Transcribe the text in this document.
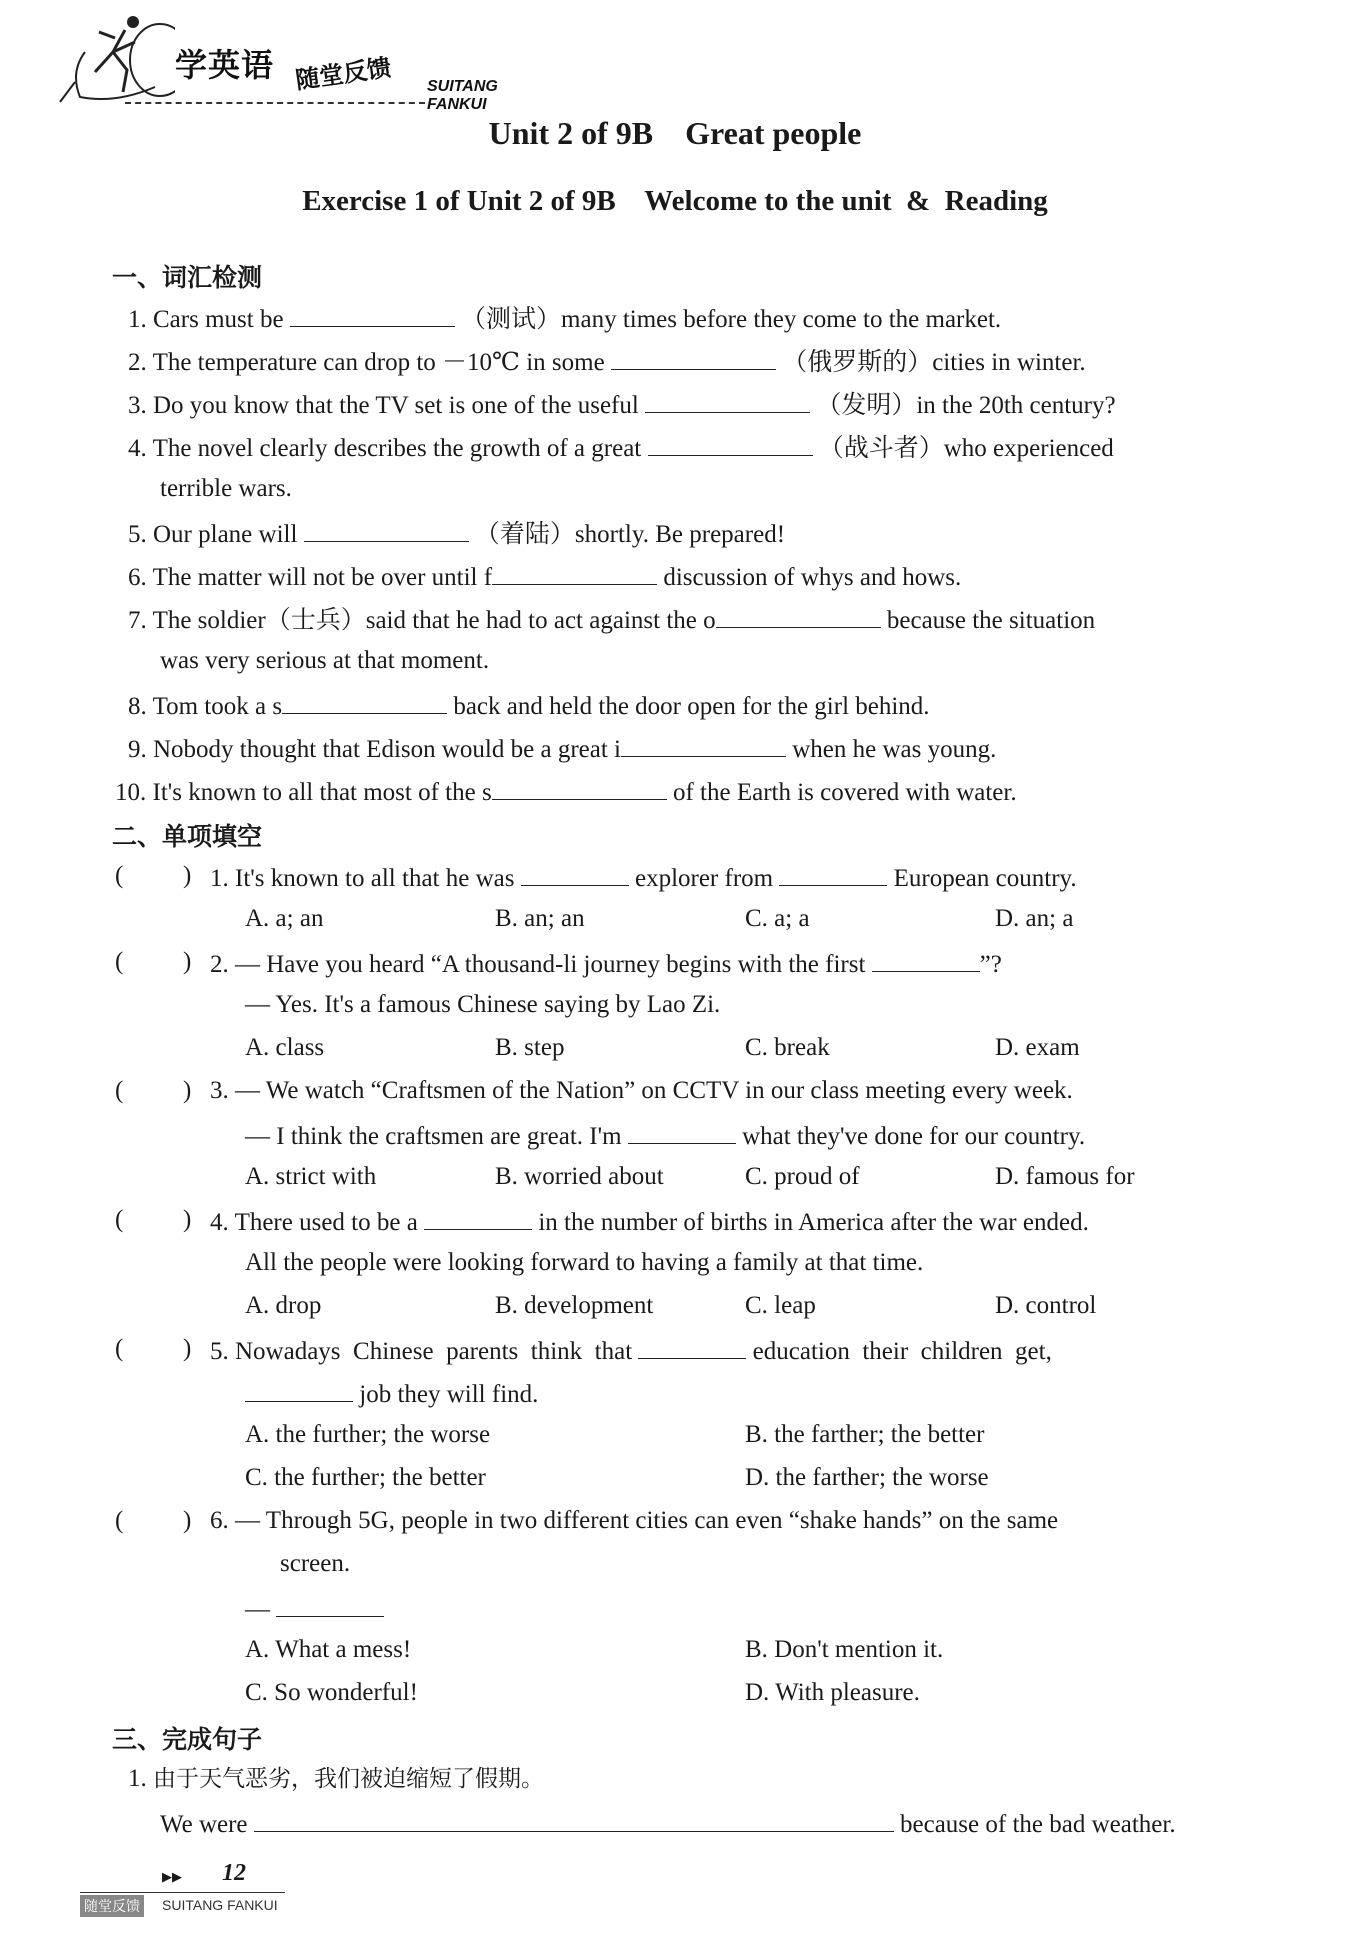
学英语 随堂反馈 SUITANG FANKUI
Unit 2 of 9B    Great people
Exercise 1 of Unit 2 of 9B    Welcome to the unit  &  Reading
一、词汇检测
1. Cars must be	（测试）many times before they come to the market.
2. The temperature can drop to －10℃ in some	（俄罗斯的）cities in winter.
3. Do you know that the TV set is one of the useful	（发明）in the 20th century?
4. The novel clearly describes the growth of a great	（战斗者）who experienced
terrible wars.
5. Our plane will	（着陆）shortly. Be prepared!
6. The matter will not be over until f	discussion of whys and hows.
7. The soldier（士兵）said that he had to act against the o	because the situation
was very serious at that moment.
8. Tom took a s	back and held the door open for the girl behind.
9. Nobody thought that Edison would be a great i	when he was young.
10. It's known to all that most of the s	of the Earth is covered with water.
二、单项填空
( ) 1. It's known to all that he was	explorer from	European country.
A. a; an	B. an; an	C. a; a	D. an; a
( ) 2. — Have you heard “A thousand-li journey begins with the first	”?
— Yes. It's a famous Chinese saying by Lao Zi.
A. class	B. step	C. break	D. exam
( ) 3. — We watch “Craftsmen of the Nation” on CCTV in our class meeting every week.
— I think the craftsmen are great. I'm	what they've done for our country.
A. strict with	B. worried about	C. proud of	D. famous for
( ) 4. There used to be a	in the number of births in America after the war ended.
All the people were looking forward to having a family at that time.
A. drop	B. development	C. leap	D. control
( ) 5. Nowadays  Chinese  parents  think  that	education  their  children  get,
job they will find.
A. the further; the worse	B. the farther; the better
C. the further; the better	D. the farther; the worse
( ) 6. — Through 5G, people in two different cities can even “shake hands” on the same
screen.
—
A. What a mess!	B. Don't mention it.
C. So wonderful!	D. With pleasure.
三、完成句子
1. 由于天气恶劣，我们被迫缩短了假期。
We were	because of the bad weather.
▶▶ 12
随堂反馈 SUITANG FANKUI
